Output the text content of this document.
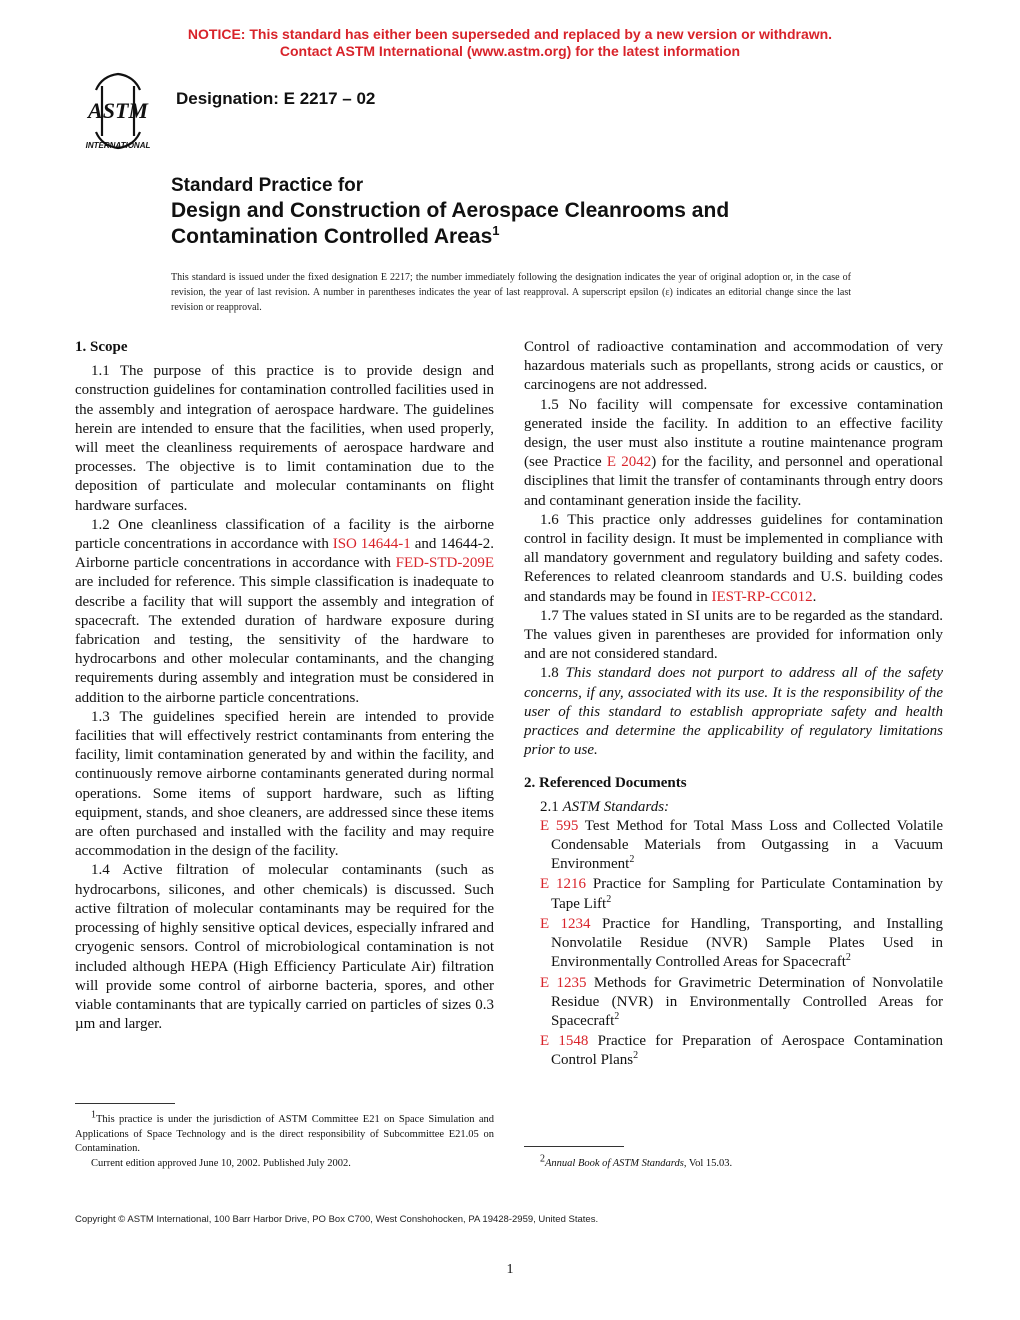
NOTICE: This standard has either been superseded and replaced by a new version or withdrawn.
Contact ASTM International (www.astm.org) for the latest information
ASTM
INTERNATIONAL
Designation: E 2217 – 02
Standard Practice for
Design and Construction of Aerospace Cleanrooms and
Contamination Controlled Areas$^1$
This standard is issued under the fixed designation E 2217; the number immediately following the designation indicates the year of original adoption or, in the case of revision, the year of last revision. A number in parentheses indicates the year of last reapproval. A superscript epsilon (ε) indicates an editorial change since the last revision or reapproval.
1. Scope

1.1 The purpose of this practice is to provide design and construction guidelines for contamination controlled facilities used in the assembly and integration of aerospace hardware. The guidelines herein are intended to ensure that the facilities, when used properly, will meet the cleanliness requirements of aerospace hardware and processes. The objective is to limit contamination due to the deposition of particulate and molecular contaminants on flight hardware surfaces.

1.2 One cleanliness classification of a facility is the airborne particle concentrations in accordance with ISO 14644-1 and 14644-2. Airborne particle concentrations in accordance with FED-STD-209E are included for reference. This simple classification is inadequate to describe a facility that will support the assembly and integration of spacecraft. The extended duration of hardware exposure during fabrication and testing, the sensitivity of the hardware to hydrocarbons and other molecular contaminants, and the changing requirements during assembly and integration must be considered in addition to the airborne particle concentrations.

1.3 The guidelines specified herein are intended to provide facilities that will effectively restrict contaminants from entering the facility, limit contamination generated by and within the facility, and continuously remove airborne contaminants generated during normal operations. Some items of support hardware, such as lifting equipment, stands, and shoe cleaners, are addressed since these items are often purchased and installed with the facility and may require accommodation in the design of the facility.

1.4 Active filtration of molecular contaminants (such as hydrocarbons, silicones, and other chemicals) is discussed. Such active filtration of molecular contaminants may be required for the processing of highly sensitive optical devices, especially infrared and cryogenic sensors. Control of microbiological contamination is not included although HEPA (High Efficiency Particulate Air) filtration will provide some control of airborne bacteria, spores, and other viable contaminants that are typically carried on particles of sizes 0.3 µm and larger.

Control of radioactive contamination and accommodation of very hazardous materials such as propellants, strong acids or caustics, or carcinogens are not addressed.

1.5 No facility will compensate for excessive contamination generated inside the facility. In addition to an effective facility design, the user must also institute a routine maintenance program (see Practice E 2042) for the facility, and personnel and operational disciplines that limit the transfer of contaminants through entry doors and contaminant generation inside the facility.

1.6 This practice only addresses guidelines for contamination control in facility design. It must be implemented in compliance with all mandatory government and regulatory building and safety codes. References to related cleanroom standards and U.S. building codes and standards may be found in IEST-RP-CC012.

1.7 The values stated in SI units are to be regarded as the standard. The values given in parentheses are provided for information only and are not considered standard.

1.8 This standard does not purport to address all of the safety concerns, if any, associated with its use. It is the responsibility of the user of this standard to establish appropriate safety and health practices and determine the applicability of regulatory limitations prior to use.

2. Referenced Documents

2.1 ASTM Standards:

E 595 Test Method for Total Mass Loss and Collected Volatile Condensable Materials from Outgassing in a Vacuum Environment$^2$

E 1216 Practice for Sampling for Particulate Contamination by Tape Lift$^2$

E 1234 Practice for Handling, Transporting, and Installing Nonvolatile Residue (NVR) Sample Plates Used in Environmentally Controlled Areas for Spacecraft$^2$

E 1235 Methods for Gravimetric Determination of Nonvolatile Residue (NVR) in Environmentally Controlled Areas for Spacecraft$^2$

E 1548 Practice for Preparation of Aerospace Contamination Control Plans$^2$

$^1$This practice is under the jurisdiction of ASTM Committee E21 on Space Simulation and Applications of Space Technology and is the direct responsibility of Subcommittee E21.05 on Contamination.

Current edition approved June 10, 2002. Published July 2002.	$^2$Annual Book of ASTM Standards, Vol 15.03.
Copyright © ASTM International, 100 Barr Harbor Drive, PO Box C700, West Conshohocken, PA 19428-2959, United States.
1
